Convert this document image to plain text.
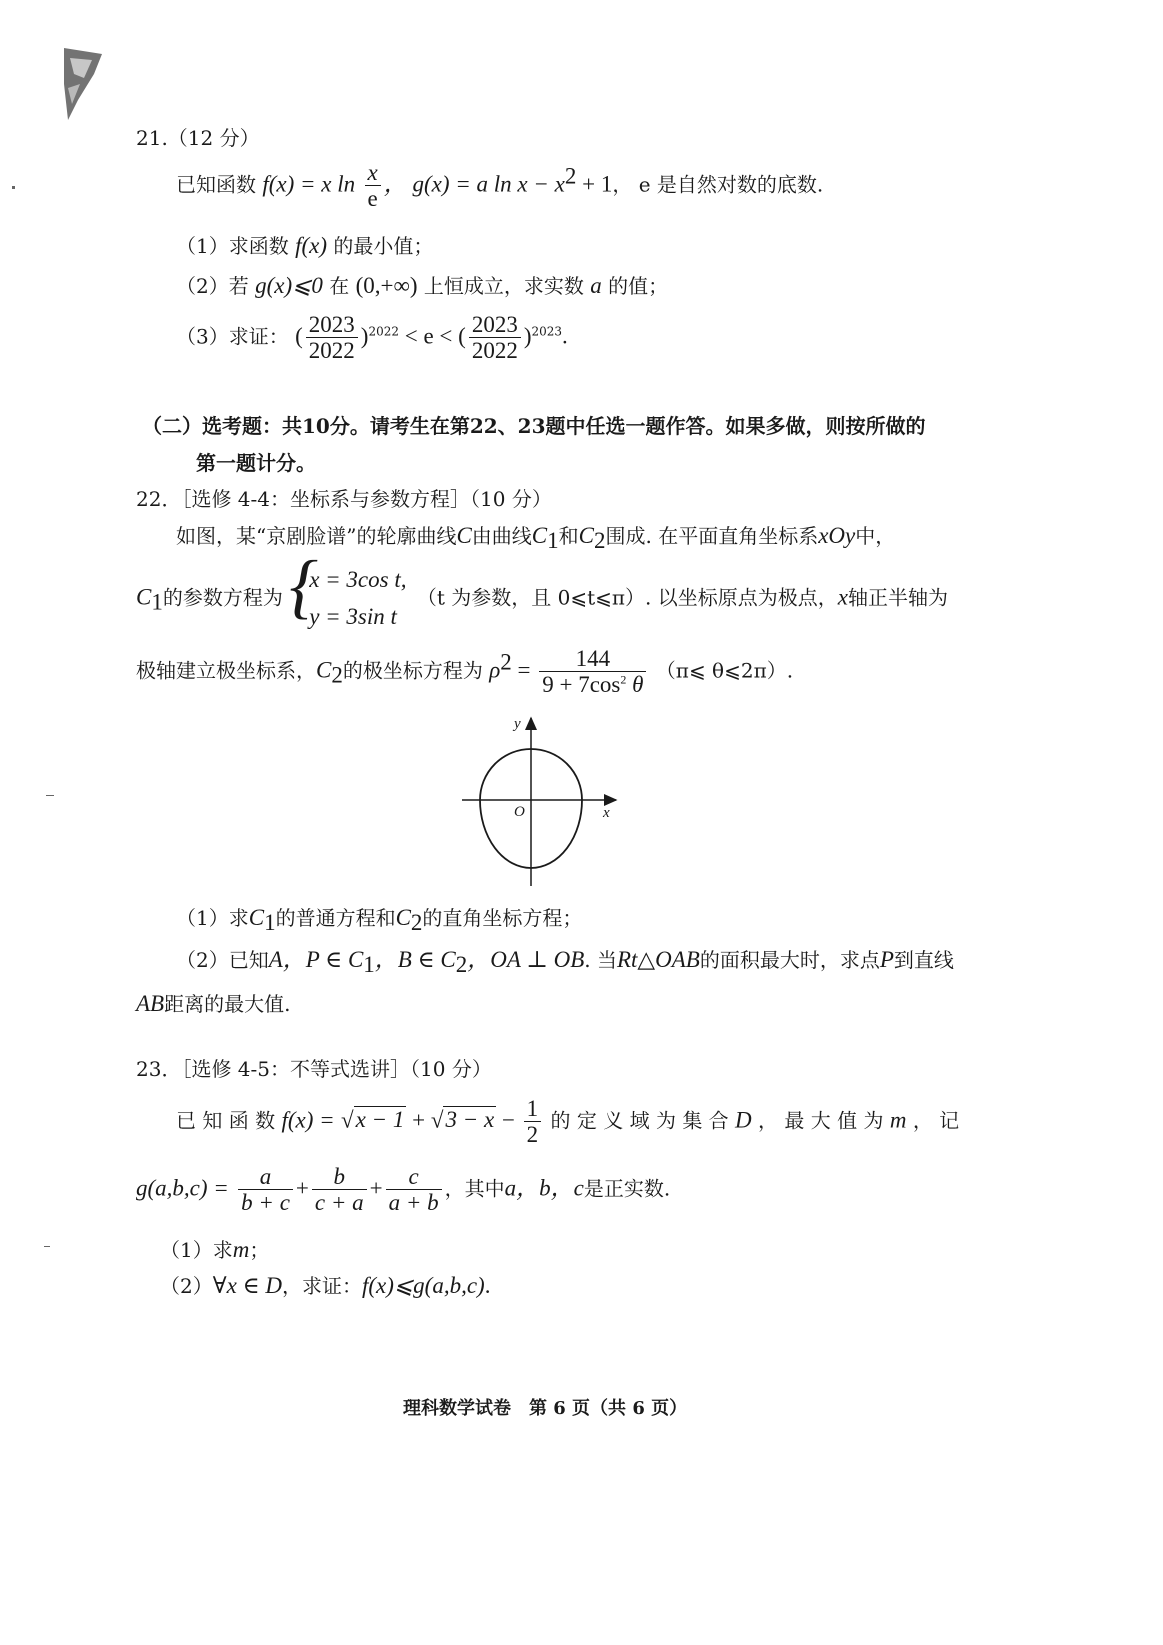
21.（12 分）
已知函数 f(x) = x $\ln \frac{x}{e}$ ， g(x) = a $\ln x - x^2 + 1$， e 是自然对数的底数.
（1）求函数 f(x) 的最小值；
（2）若 g(x)⩽0 在 (0,+∞) 上恒成立，求实数 a 的值；
（3）求证： ( $\frac{2023}{2022} )^{2022} < e$ < ( $\frac{2023}{2022} )^{2023}$.
（二）选考题：共10分。请考生在第22、23题中任选一题作答。如果多做，则按所做的
第一题计分。
22．［选修 4-4：坐标系与参数方程］（10 分）
如图，某“京剧脸谱”的轮廓曲线C由曲线$C_1$和$C_2$围成. 在平面直角坐标系xOy中，
$C_1$的参数方程为
{ x = 3cos t,
y = 3sin t
（t 为参数，且 0⩽t⩽π）. 以坐标原点为极点，x轴正半轴为
极轴建立极坐标系，$C_2$的极坐标方程为 $\rho^2 = \frac{144}{9 + 7\cos^2 \theta}$ （π⩽ θ⩽2π）.
y
x
O
（1）求$C_1$的普通方程和$C_2$的直角坐标方程；
（2）已知A，P ∈ $C_1$，B ∈ $C_2$，OA ⊥ OB. 当Rt△OAB的面积最大时，求点P到直线
AB距离的最大值.
23．［选修 4-5：不等式选讲］（10 分）
已 知 函 数 $f(x) = √x - 1 + √3 - x - \frac{1}{2}$ 的 定 义 域 为 集 合 D ， 最 大 值 为 m ， 记
$g(a,b,c) = \frac{a}{b + c} + \frac{b}{c + a} + \frac{c}{a + b}$ ，其中a，b，c是正实数.
（1）求m；
（2）∀x ∈ D，求证：f(x)⩽g(a,b,c).
理科数学试卷　第 6 页（共 6 页）
